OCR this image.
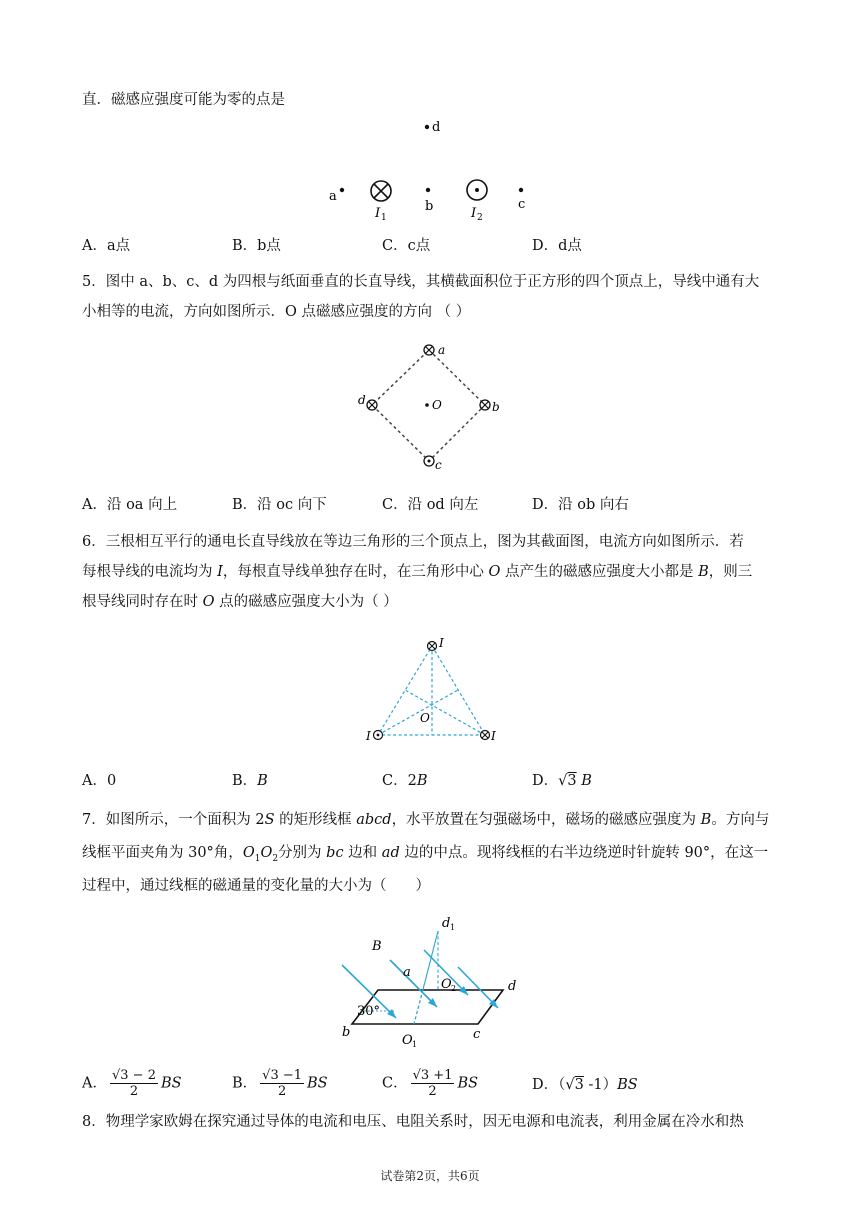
直．磁感应强度可能为零的点是
d
a
I 1
b	I 2
c
A．a点	B．b点	C．c点	D．d点
5．图中 a、b、c、d 为四根与纸面垂直的长直导线，其横截面积位于正方形的四个顶点上，导线中通有大
小相等的电流，方向如图所示．O 点磁感应强度的方向 （ ）
a
b
c
d	O
A．沿 oa 向上	B．沿 oc 向下	C．沿 od 向左	D．沿 ob 向右
6．三根相互平行的通电长直导线放在等边三角形的三个顶点上，图为其截面图，电流方向如图所示．若
每根导线的电流均为 I，每根直导线单独存在时，在三角形中心 O 点产生的磁感应强度大小都是 B，则三
根导线同时存在时 O 点的磁感应强度大小为（ ）
I
I	I
O
A．0	B．B	C．2B	D．√3 B
7．如图所示，一个面积为 2S 的矩形线框 abcd，水平放置在匀强磁场中，磁场的磁感应强度为 B。方向与
线框平面夹角为 30°角，$O_1O_2$分别为 bc 边和 ad 边的中点。现将线框的右半边绕逆时针旋转 90°，在这一
过程中，通过线框的磁通量的变化量的大小为（　　）
B
d 1
a
O 2	d
30°
b
O 1
c
A． $\frac{√3 - 2}{2}$ BS	B． $\frac{√3 -1}{2}$ BS	C． $\frac{√3 +1}{2}$ BS	D．（√3 -1）BS
8．物理学家欧姆在探究通过导体的电流和电压、电阻关系时，因无电源和电流表，利用金属在冷水和热
试卷第2页，共6页
